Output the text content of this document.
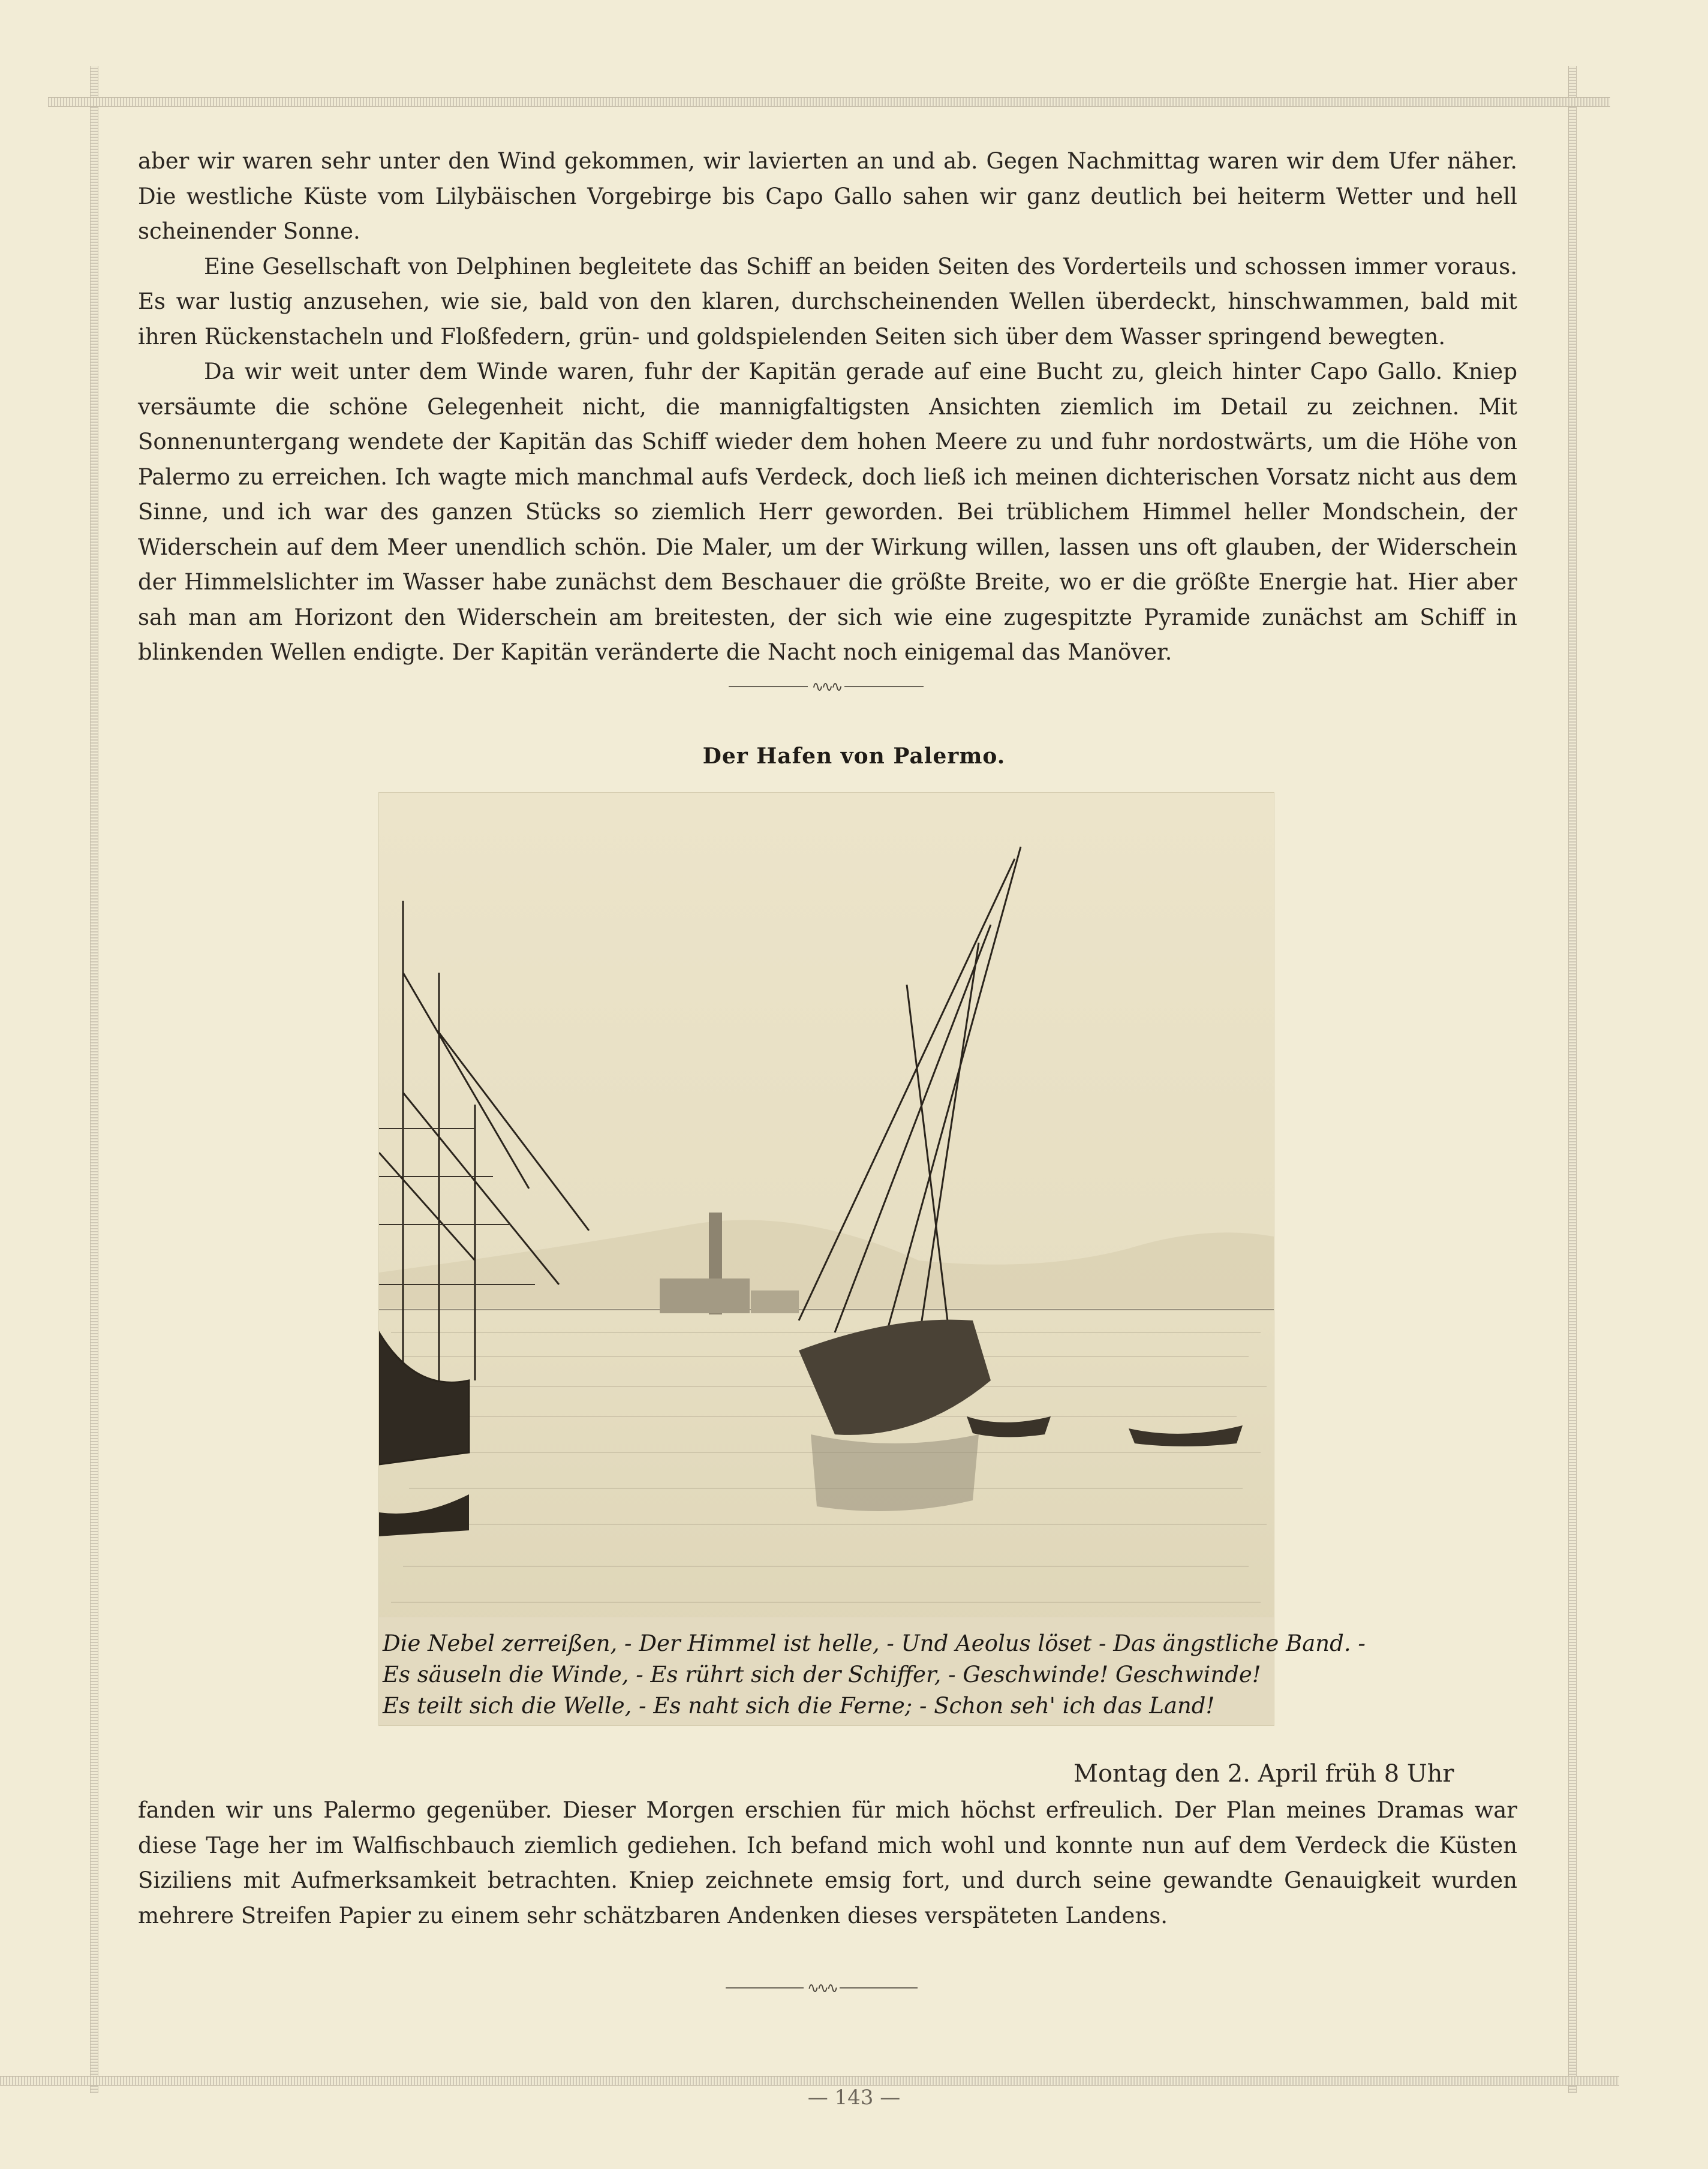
aber wir waren sehr unter den Wind gekommen, wir lavierten an und ab. Gegen Nachmittag waren wir dem Ufer näher. Die westliche Küste vom Lilybäischen Vorgebirge bis Capo Gallo sahen wir ganz deutlich bei heiterm Wetter und hell scheinender Sonne.

Eine Gesellschaft von Delphinen begleitete das Schiff an beiden Seiten des Vorderteils und schossen immer voraus. Es war lustig anzusehen, wie sie, bald von den klaren, durchscheinenden Wellen überdeckt, hinschwammen, bald mit ihren Rückenstacheln und Floßfedern, grün- und goldspielenden Seiten sich über dem Wasser springend bewegten.

Da wir weit unter dem Winde waren, fuhr der Kapitän gerade auf eine Bucht zu, gleich hinter Capo Gallo. Kniep versäumte die schöne Gelegenheit nicht, die mannigfaltigsten Ansichten ziemlich im Detail zu zeichnen. Mit Sonnenuntergang wendete der Kapitän das Schiff wieder dem hohen Meere zu und fuhr nordostwärts, um die Höhe von Palermo zu erreichen. Ich wagte mich manchmal aufs Verdeck, doch ließ ich meinen dichterischen Vorsatz nicht aus dem Sinne, und ich war des ganzen Stücks so ziemlich Herr geworden. Bei trüblichem Himmel heller Mondschein, der Widerschein auf dem Meer unendlich schön. Die Maler, um der Wirkung willen, lassen uns oft glauben, der Widerschein der Himmelslichter im Wasser habe zunächst dem Beschauer die größte Breite, wo er die größte Energie hat. Hier aber sah man am Horizont den Widerschein am breitesten, der sich wie eine zugespitzte Pyramide zunächst am Schiff in blinkenden Wellen endigte. Der Kapitän veränderte die Nacht noch einigemal das Manöver.

∿∿∿
Der Hafen von Palermo.
Die Nebel zerreißen, - Der Himmel ist helle, - Und Aeolus löset - Das ängstliche Band. -
Es säuseln die Winde, - Es rührt sich der Schiffer, - Geschwinde! Geschwinde!
Es teilt sich die Welle, - Es naht sich die Ferne; - Schon seh' ich das Land!
Montag den 2. April früh 8 Uhr

fanden wir uns Palermo gegenüber. Dieser Morgen erschien für mich höchst erfreulich. Der Plan meines Dramas war diese Tage her im Walfischbauch ziemlich gediehen. Ich befand mich wohl und konnte nun auf dem Verdeck die Küsten Siziliens mit Aufmerksamkeit betrachten. Kniep zeichnete emsig fort, und durch seine gewandte Genauigkeit wurden mehrere Streifen Papier zu einem sehr schätzbaren Andenken dieses verspäteten Landens.

∿∿∿
— 143 —
